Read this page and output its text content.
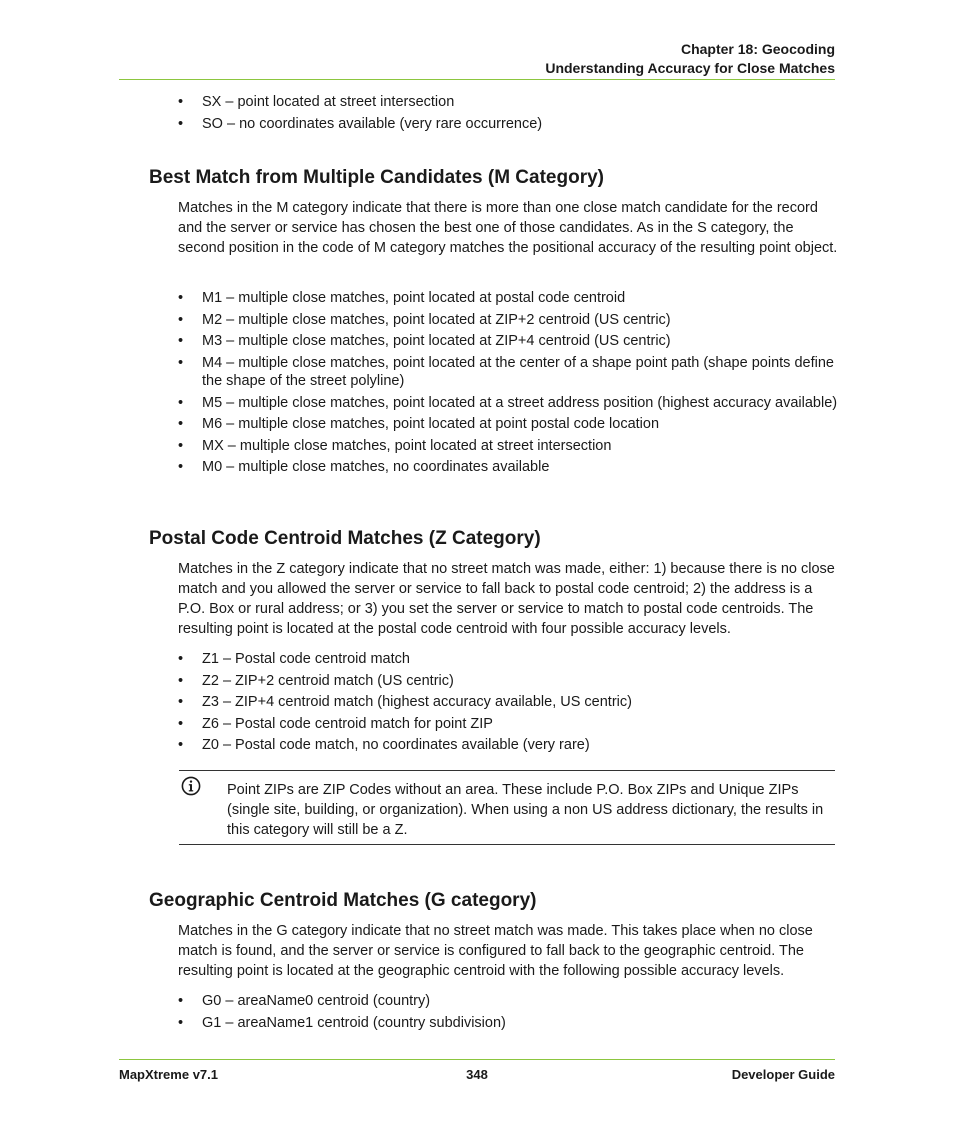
Chapter 18: Geocoding
Understanding Accuracy for Close Matches
• SX – point located at street intersection
• SO – no coordinates available (very rare occurrence)
Best Match from Multiple Candidates (M Category)

Matches in the M category indicate that there is more than one close match candidate for the record and the server or service has chosen the best one of those candidates. As in the S category, the second position in the code of M category matches the positional accuracy of the resulting point object.

• M1 – multiple close matches, point located at postal code centroid
• M2 – multiple close matches, point located at ZIP+2 centroid (US centric)
• M3 – multiple close matches, point located at ZIP+4 centroid (US centric)
• M4 – multiple close matches, point located at the center of a shape point path (shape points define the shape of the street polyline)
• M5 – multiple close matches, point located at a street address position (highest accuracy available)
• M6 – multiple close matches, point located at point postal code location
• MX – multiple close matches, point located at street intersection
• M0 – multiple close matches, no coordinates available
Postal Code Centroid Matches (Z Category)

Matches in the Z category indicate that no street match was made, either: 1) because there is no close match and you allowed the server or service to fall back to postal code centroid; 2) the address is a P.O. Box or rural address; or 3) you set the server or service to match to postal code centroids. The resulting point is located at the postal code centroid with four possible accuracy levels.

• Z1 – Postal code centroid match
• Z2 – ZIP+2 centroid match (US centric)
• Z3 – ZIP+4 centroid match (highest accuracy available, US centric)
• Z6 – Postal code centroid match for point ZIP
• Z0 – Postal code match, no coordinates available (very rare)
Point ZIPs are ZIP Codes without an area. These include P.O. Box ZIPs and Unique ZIPs (single site, building, or organization). When using a non US address dictionary, the results in this category will still be a Z.
Geographic Centroid Matches (G category)

Matches in the G category indicate that no street match was made. This takes place when no close match is found, and the server or service is configured to fall back to the geographic centroid. The resulting point is located at the geographic centroid with the following possible accuracy levels.

• G0 – areaName0 centroid (country)
• G1 – areaName1 centroid (country subdivision)
MapXtreme v7.1	348	Developer Guide
